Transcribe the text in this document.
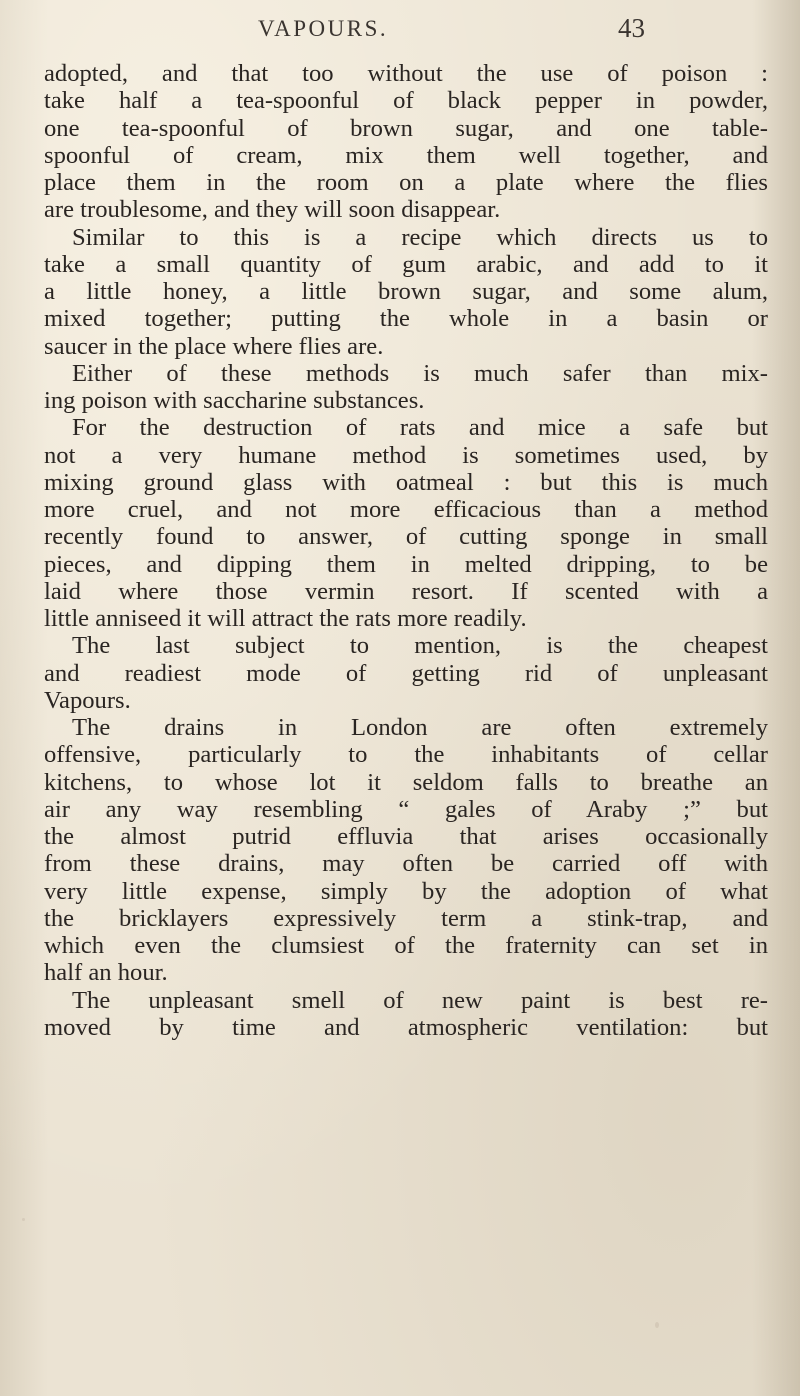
VAPOURS.	43
adopted, and that too without the use of poison :
take half a tea-spoonful of black pepper in powder,
one tea-spoonful of brown sugar, and one table-
spoonful of cream, mix them well together, and
place them in the room on a plate where the flies
are troublesome, and they will soon disappear.
Similar to this is a recipe which directs us to
take a small quantity of gum arabic, and add to it
a little honey, a little brown sugar, and some alum,
mixed together; putting the whole in a basin or
saucer in the place where flies are.
Either of these methods is much safer than mix-
ing poison with saccharine substances.
For the destruction of rats and mice a safe but
not a very humane method is sometimes used, by
mixing ground glass with oatmeal : but this is much
more cruel, and not more efficacious than a method
recently found to answer, of cutting sponge in small
pieces, and dipping them in melted dripping, to be
laid where those vermin resort. If scented with a
little anniseed it will attract the rats more readily.
The last subject to mention, is the cheapest
and readiest mode of getting rid of unpleasant
Vapours.
The drains in London are often extremely
offensive, particularly to the inhabitants of cellar
kitchens, to whose lot it seldom falls to breathe an
air any way resembling “ gales of Araby ;” but
the almost putrid effluvia that arises occasionally
from these drains, may often be carried off with
very little expense, simply by the adoption of what
the bricklayers expressively term a stink-trap, and
which even the clumsiest of the fraternity can set in
half an hour.
The unpleasant smell of new paint is best re-
moved by time and atmospheric ventilation: but
